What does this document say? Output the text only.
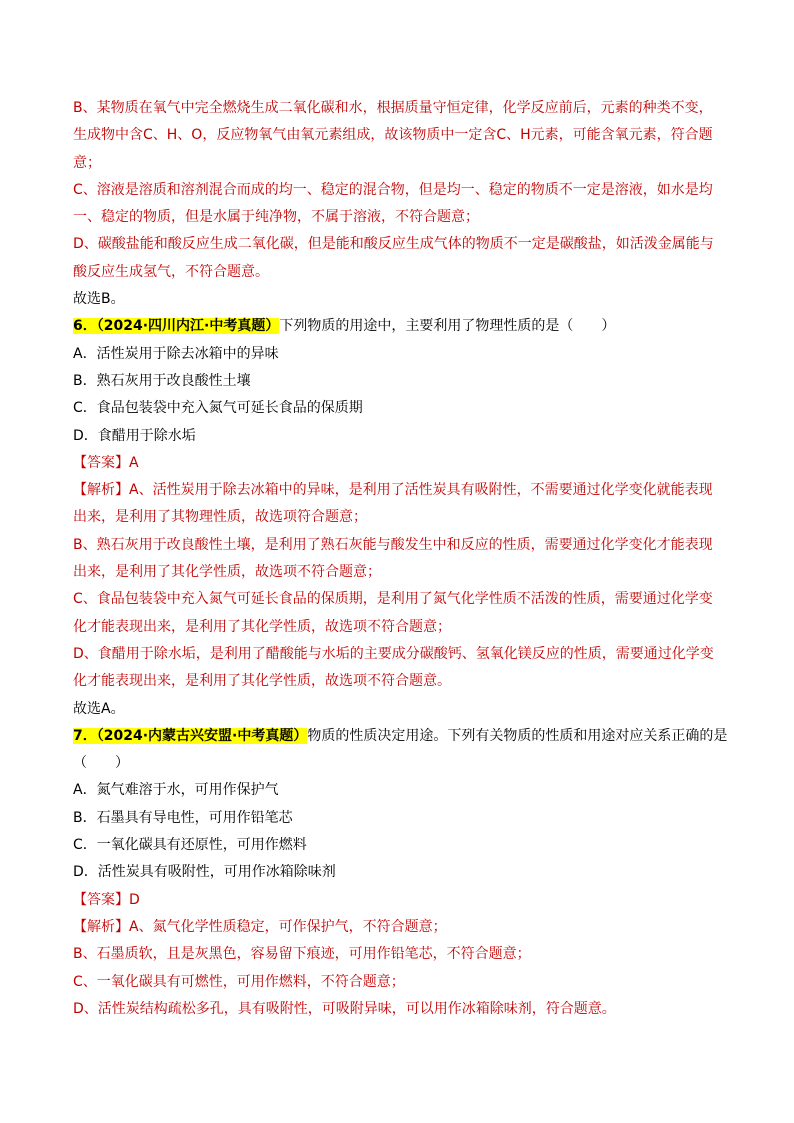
B、某物质在氧气中完全燃烧生成二氧化碳和水，根据质量守恒定律，化学反应前后，元素的种类不变，
生成物中含C、H、O，反应物氧气由氧元素组成，故该物质中一定含C、H元素，可能含氧元素，符合题
意；
C、溶液是溶质和溶剂混合而成的均一、稳定的混合物，但是均一、稳定的物质不一定是溶液，如水是均
一、稳定的物质，但是水属于纯净物，不属于溶液，不符合题意；
D、碳酸盐能和酸反应生成二氧化碳，但是能和酸反应生成气体的物质不一定是碳酸盐，如活泼金属能与
酸反应生成氢气，不符合题意。
故选B。
6．（2024·四川内江·中考真题）下列物质的用途中，主要利用了物理性质的是（　　）
A．活性炭用于除去冰箱中的异味
B．熟石灰用于改良酸性土壤
C．食品包装袋中充入氮气可延长食品的保质期
D．食醋用于除水垢
【答案】A
【解析】A、活性炭用于除去冰箱中的异味，是利用了活性炭具有吸附性，不需要通过化学变化就能表现
出来，是利用了其物理性质，故选项符合题意；
B、熟石灰用于改良酸性土壤，是利用了熟石灰能与酸发生中和反应的性质，需要通过化学变化才能表现
出来，是利用了其化学性质，故选项不符合题意；
C、食品包装袋中充入氮气可延长食品的保质期，是利用了氮气化学性质不活泼的性质，需要通过化学变
化才能表现出来，是利用了其化学性质，故选项不符合题意；
D、食醋用于除水垢，是利用了醋酸能与水垢的主要成分碳酸钙、氢氧化镁反应的性质，需要通过化学变
化才能表现出来，是利用了其化学性质，故选项不符合题意。
故选A。
7．（2024·内蒙古兴安盟·中考真题）物质的性质决定用途。下列有关物质的性质和用途对应关系正确的是
（　　）
A．氮气难溶于水，可用作保护气
B．石墨具有导电性，可用作铅笔芯
C．一氧化碳具有还原性，可用作燃料
D．活性炭具有吸附性，可用作冰箱除味剂
【答案】D
【解析】A、氮气化学性质稳定，可作保护气，不符合题意；
B、石墨质软，且是灰黑色，容易留下痕迹，可用作铅笔芯，不符合题意；
C、一氧化碳具有可燃性，可用作燃料，不符合题意；
D、活性炭结构疏松多孔，具有吸附性，可吸附异味，可以用作冰箱除味剂，符合题意。
